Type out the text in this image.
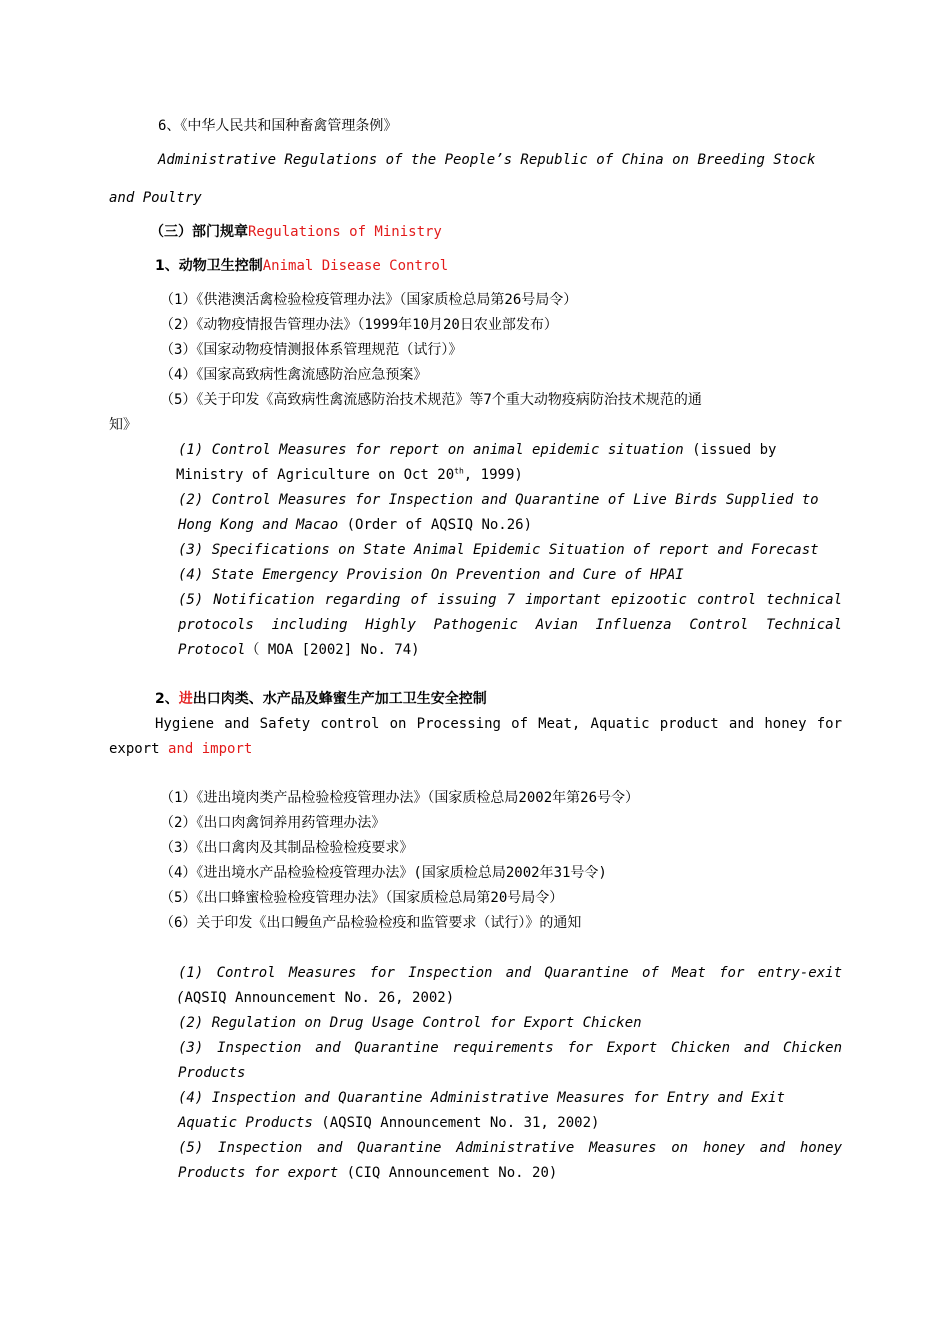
6、《中华人民共和国种畜禽管理条例》
Administrative Regulations of the People’s Republic of China on Breeding Stock
and Poultry
（三）部门规章Regulations of Ministry
1、动物卫生控制Animal Disease Control
（1）《供港澳活禽检验检疫管理办法》（国家质检总局第26号局令）
（2）《动物疫情报告管理办法》（1999年10月20日农业部发布）
（3）《国家动物疫情测报体系管理规范（试行）》
（4）《国家高致病性禽流感防治应急预案》
（5）《关于印发《高致病性禽流感防治技术规范》等7个重大动物疫病防治技术规范的通
知》
(1) Control Measures for report on animal epidemic situation (issued by
Ministry of Agriculture on Oct 20th, 1999)
(2) Control Measures for Inspection and Quarantine of Live Birds Supplied to
Hong Kong and Macao (Order of AQSIQ No.26)
(3) Specifications on State Animal Epidemic Situation of report and Forecast
(4) State Emergency Provision On Prevention and Cure of HPAI
(5) Notification regarding of issuing 7 important epizootic control technical
protocols including Highly Pathogenic Avian Influenza Control Technical
Protocol（ MOA [2002] No. 74)
2、进出口肉类、水产品及蜂蜜生产加工卫生安全控制
Hygiene and Safety control on Processing of Meat, Aquatic product and honey for
export and import
（1）《进出境肉类产品检验检疫管理办法》（国家质检总局2002年第26号令）
（2）《出口肉禽饲养用药管理办法》
（3）《出口禽肉及其制品检验检疫要求》
（4）《进出境水产品检验检疫管理办法》(国家质检总局2002年31号令)
（5）《出口蜂蜜检验检疫管理办法》（国家质检总局第20号局令）
（6）关于印发《出口鳗鱼产品检验检疫和监管要求（试行）》的通知
(1) Control Measures for Inspection and Quarantine of Meat for entry-exit
(AQSIQ Announcement No. 26, 2002)
(2) Regulation on Drug Usage Control for Export Chicken
(3) Inspection and Quarantine requirements for Export Chicken and Chicken
Products
(4) Inspection and Quarantine Administrative Measures for Entry and Exit
Aquatic Products (AQSIQ Announcement No. 31, 2002)
(5) Inspection and Quarantine Administrative Measures on honey and honey
Products for export (CIQ Announcement No. 20)
